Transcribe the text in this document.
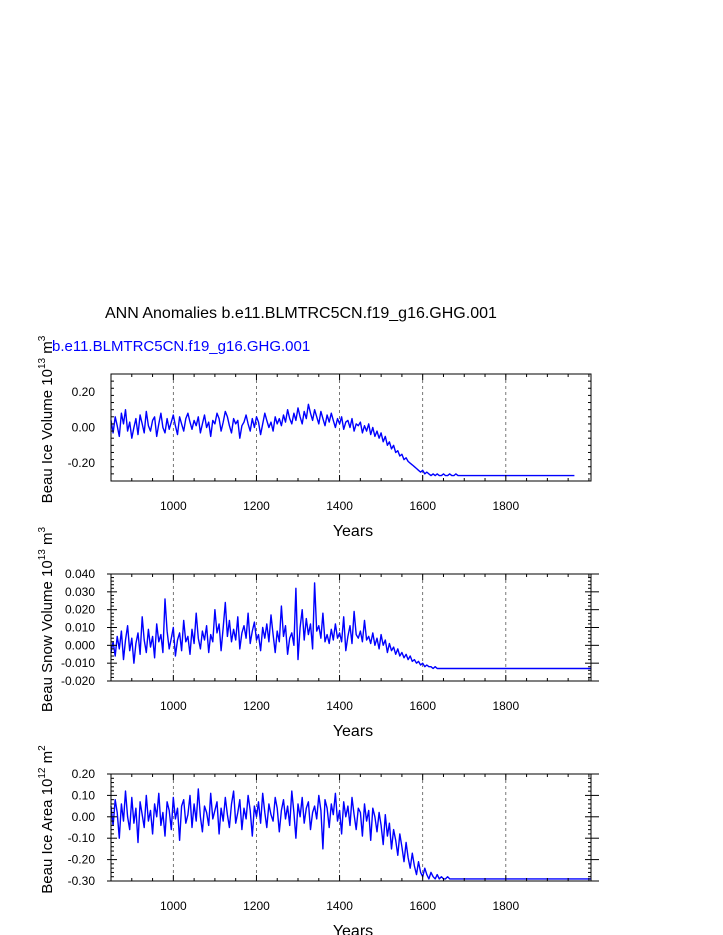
ANN Anomalies b.e11.BLMTRC5CN.f19_g16.GHG.001
b.e11.BLMTRC5CN.f19_g16.GHG.001
1000	1200	1400	1600	1800
-0.20
0.00
0.20
Years
Beau Ice Volume $10^{13}$ $m^3$
1000	1200	1400	1600	1800
-0.020
-0.010
0.000
0.010
0.020
0.030
0.040
Years
Beau Snow Volume $10^{13}$ $m^3$
1000	1200	1400	1600	1800
-0.30
-0.20
-0.10
0.00
0.10
0.20
Years
Beau Ice Area $10^{12}$ $m^2$
